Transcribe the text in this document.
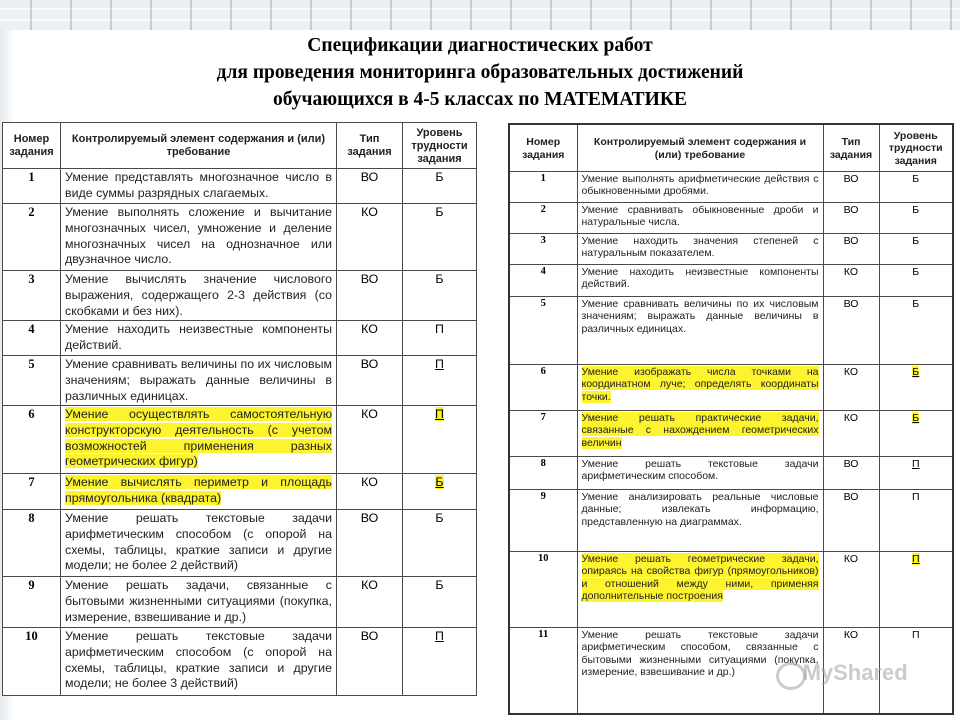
Спецификации диагностических работ
для проведения мониторинга образовательных достижений
обучающихся в 4-5 классах по МАТЕМАТИКЕ
Номер задания	Контролируемый элемент содержания и (или) требование	Тип задания	Уровень трудности задания
1	Умение представлять многозначное число в виде суммы разрядных слагаемых.	ВО	Б
2	Умение выполнять сложение и вычитание многозначных чисел, умножение и деление многозначных чисел на однозначное или двузначное число.	КО	Б
3	Умение вычислять значение числового выражения, содержащего 2-3 действия (со скобками и без них).	ВО	Б
4	Умение находить неизвестные компоненты действий.	КО	П
5	Умение сравнивать величины по их числовым значениям; выражать данные величины в различных единицах.	ВО	П
6	Умение осуществлять самостоятельную конструкторскую деятельность (с учетом возможностей применения разных геометрических фигур)	КО	П
7	Умение вычислять периметр и площадь прямоугольника (квадрата)	КО	Б
8	Умение решать текстовые задачи арифметическим способом (с опорой на схемы, таблицы, краткие записи и другие модели; не более 2 действий)	ВО	Б
9	Умение решать задачи, связанные с бытовыми жизненными ситуациями (покупка, измерение, взвешивание и др.)	КО	Б
10	Умение решать текстовые задачи арифметическим способом (с опорой на схемы, таблицы, краткие записи и другие модели; не более 3 действий)	ВО	П
Номер задания	Контролируемый элемент содержания и (или) требование	Тип задания	Уровень трудности задания
1	Умение выполнять арифметические действия с обыкновенными дробями.	ВО	Б
2	Умение сравнивать обыкновенные дроби и натуральные числа.	ВО	Б
3	Умение находить значения степеней с натуральным показателем.	ВО	Б
4	Умение находить неизвестные компоненты действий.	КО	Б
5	Умение сравнивать величины по их числовым значениям; выражать данные величины в различных единицах.	ВО	Б
6	Умение изображать числа точками на координатном луче; определять координаты точки.	КО	Б
7	Умение решать практические задачи, связанные с нахождением геометрических величин	КО	Б
8	Умение решать текстовые задачи арифметическим способом.	ВО	П
9	Умение анализировать реальные числовые данные; извлекать информацию, представленную на диаграммах.	ВО	П
10	Умение решать геометрические задачи, опираясь на свойства фигур (прямоугольников) и отношений между ними, применяя дополнительные построения	КО	П
11	Умение решать текстовые задачи арифметическим способом, связанные с бытовыми жизненными ситуациями (покупка, измерение, взвешивание и др.)	КО	П
MyShared
